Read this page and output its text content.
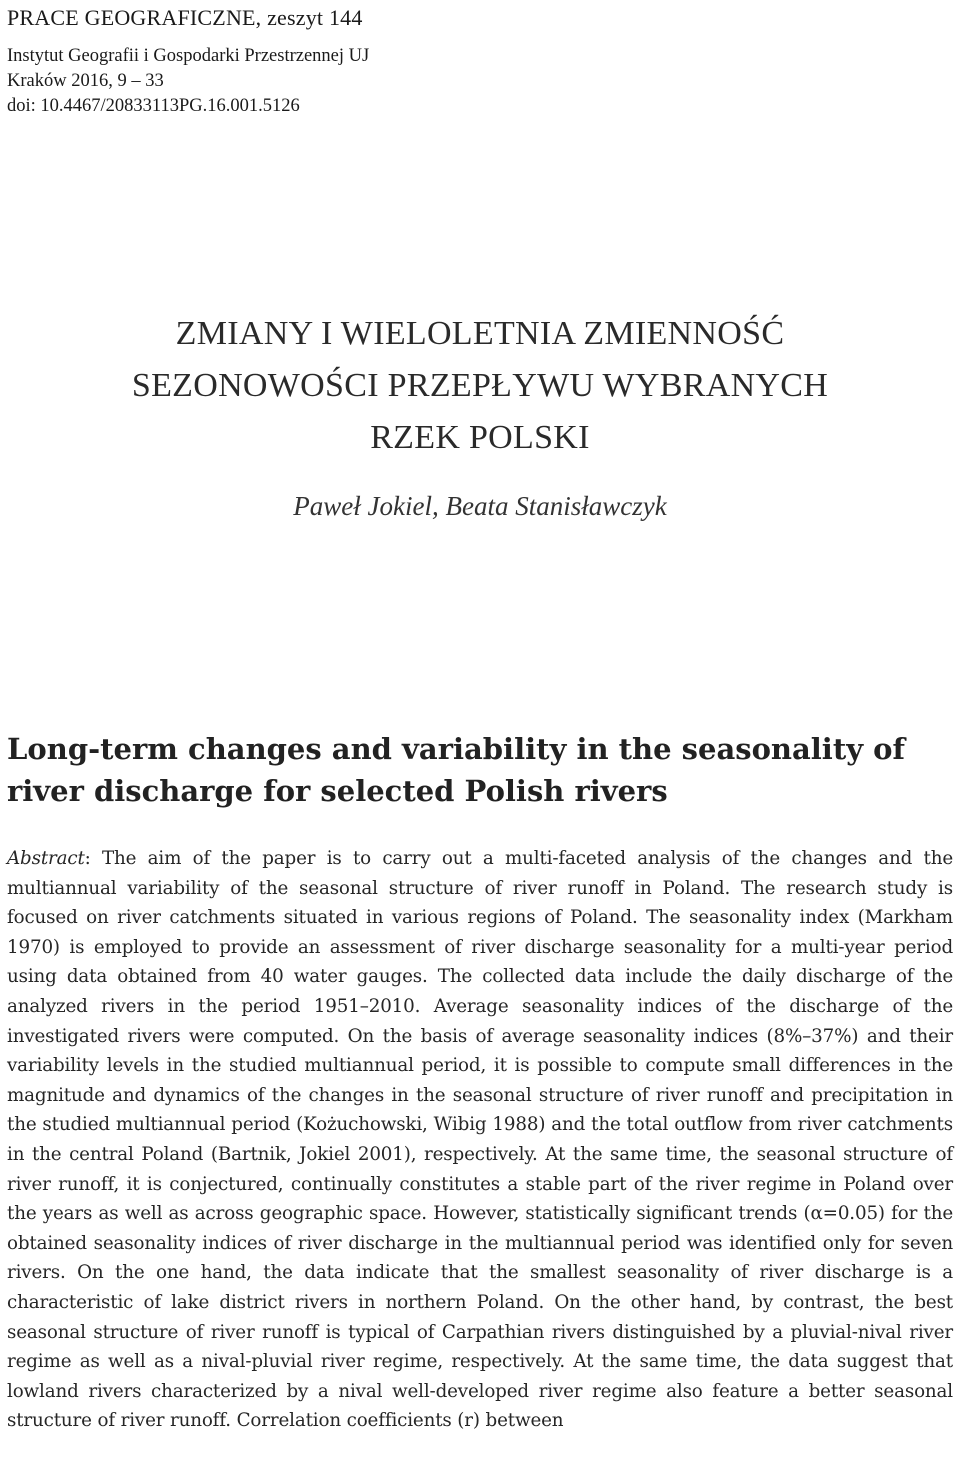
PRACE GEOGRAFICZNE, zeszyt 144
Instytut Geografii i Gospodarki Przestrzennej UJ
Kraków 2016, 9 – 33
doi: 10.4467/20833113PG.16.001.5126
ZMIANY I WIELOLETNIA ZMIENNOŚĆ
SEZONOWOŚCI PRZEPŁYWU WYBRANYCH
RZEK POLSKI
Paweł Jokiel, Beata Stanisławczyk
Long-term changes and variability in the seasonality of river discharge for selected Polish rivers
Abstract: The aim of the paper is to carry out a multi-faceted analysis of the changes and the multiannual variability of the seasonal structure of river runoff in Poland. The research study is focused on river catchments situated in various regions of Poland. The seasonality index (Markham 1970) is employed to provide an assessment of river discharge seasonality for a multi-year period using data obtained from 40 water gauges. The collected data include the daily discharge of the analyzed rivers in the period 1951–2010. Average seasonality indices of the discharge of the investigated rivers were computed. On the basis of average seasonality indices (8%–37%) and their variability levels in the studied multiannual period, it is possible to compute small differences in the magnitude and dynamics of the changes in the seasonal structure of river runoff and precipitation in the studied multiannual period (Kożuchowski, Wibig 1988) and the total outflow from river catchments in the central Poland (Bartnik, Jokiel 2001), respectively. At the same time, the seasonal structure of river runoff, it is conjectured, continually constitutes a stable part of the river regime in Poland over the years as well as across geographic space. However, statistically significant trends (α=0.05) for the obtained seasonality indices of river discharge in the multiannual period was identified only for seven rivers. On the one hand, the data indicate that the smallest seasonality of river discharge is a characteristic of lake district rivers in northern Poland. On the other hand, by contrast, the best seasonal structure of river runoff is typical of Carpathian rivers distinguished by a pluvial-nival river regime as well as a nival-pluvial river regime, respectively. At the same time, the data suggest that lowland rivers characterized by a nival well-developed river regime also feature a better seasonal structure of river runoff. Correlation coefficients (r) between
